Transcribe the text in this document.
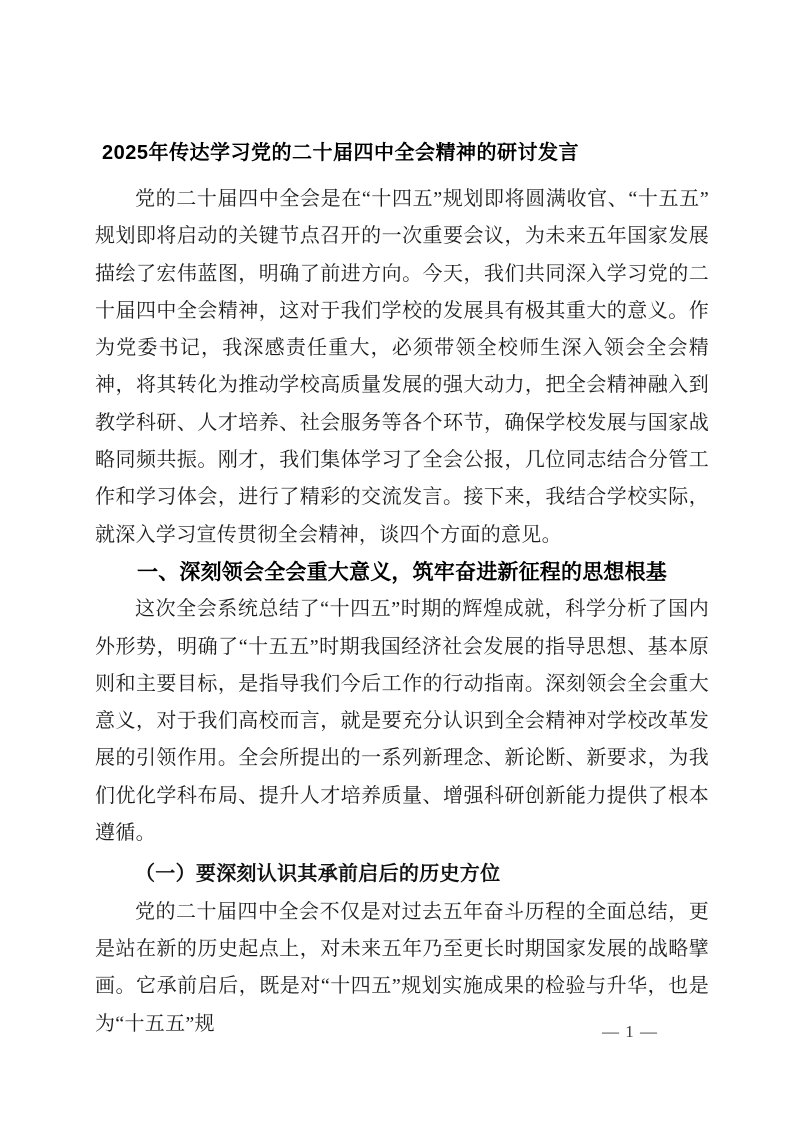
2025年传达学习党的二十届四中全会精神的研讨发言

党的二十届四中全会是在“十四五”规划即将圆满收官、“十五五”规划即将启动的关键节点召开的一次重要会议，为未来五年国家发展描绘了宏伟蓝图，明确了前进方向。今天，我们共同深入学习党的二十届四中全会精神，这对于我们学校的发展具有极其重大的意义。作为党委书记，我深感责任重大，必须带领全校师生深入领会全会精神，将其转化为推动学校高质量发展的强大动力，把全会精神融入到教学科研、人才培养、社会服务等各个环节，确保学校发展与国家战略同频共振。刚才，我们集体学习了全会公报，几位同志结合分管工作和学习体会，进行了精彩的交流发言。接下来，我结合学校实际，就深入学习宣传贯彻全会精神，谈四个方面的意见。

一、深刻领会全会重大意义，筑牢奋进新征程的思想根基

这次全会系统总结了“十四五”时期的辉煌成就，科学分析了国内外形势，明确了“十五五”时期我国经济社会发展的指导思想、基本原则和主要目标，是指导我们今后工作的行动指南。深刻领会全会重大意义，对于我们高校而言，就是要充分认识到全会精神对学校改革发展的引领作用。全会所提出的一系列新理念、新论断、新要求，为我们优化学科布局、提升人才培养质量、增强科研创新能力提供了根本遵循。

（一）要深刻认识其承前启后的历史方位

党的二十届四中全会不仅是对过去五年奋斗历程的全面总结，更是站在新的历史起点上，对未来五年乃至更长时期国家发展的战略擘画。它承前启后，既是对“十四五”规划实施成果的检验与升华，也是为“十五五”规	— 1 —
